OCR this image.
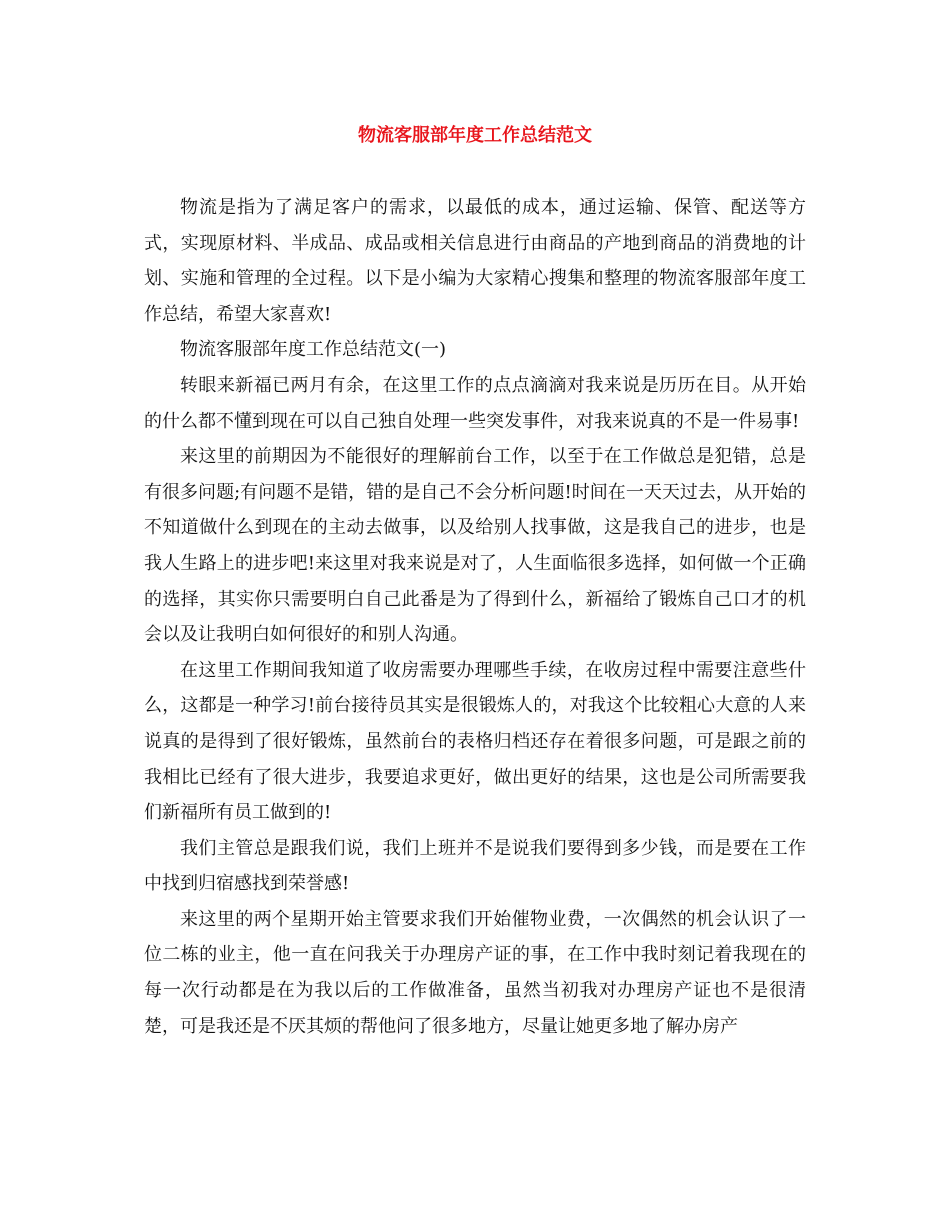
物流客服部年度工作总结范文

物流是指为了满足客户的需求，以最低的成本，通过运输、保管、配送等方式，实现原材料、半成品、成品或相关信息进行由商品的产地到商品的消费地的计划、实施和管理的全过程。以下是小编为大家精心搜集和整理的物流客服部年度工作总结，希望大家喜欢!

物流客服部年度工作总结范文(一)

转眼来新福已两月有余，在这里工作的点点滴滴对我来说是历历在目。从开始的什么都不懂到现在可以自己独自处理一些突发事件，对我来说真的不是一件易事!

来这里的前期因为不能很好的理解前台工作，以至于在工作做总是犯错，总是有很多问题;有问题不是错，错的是自己不会分析问题!时间在一天天过去，从开始的不知道做什么到现在的主动去做事，以及给别人找事做，这是我自己的进步，也是我人生路上的进步吧!来这里对我来说是对了，人生面临很多选择，如何做一个正确的选择，其实你只需要明白自己此番是为了得到什么，新福给了锻炼自己口才的机会以及让我明白如何很好的和别人沟通。

在这里工作期间我知道了收房需要办理哪些手续，在收房过程中需要注意些什么，这都是一种学习!前台接待员其实是很锻炼人的，对我这个比较粗心大意的人来说真的是得到了很好锻炼，虽然前台的表格归档还存在着很多问题，可是跟之前的我相比已经有了很大进步，我要追求更好，做出更好的结果，这也是公司所需要我们新福所有员工做到的!

我们主管总是跟我们说，我们上班并不是说我们要得到多少钱，而是要在工作中找到归宿感找到荣誉感!

来这里的两个星期开始主管要求我们开始催物业费，一次偶然的机会认识了一位二栋的业主，他一直在问我关于办理房产证的事，在工作中我时刻记着我现在的每一次行动都是在为我以后的工作做准备，虽然当初我对办理房产证也不是很清楚，可是我还是不厌其烦的帮他问了很多地方，尽量让她更多地了解办房产
